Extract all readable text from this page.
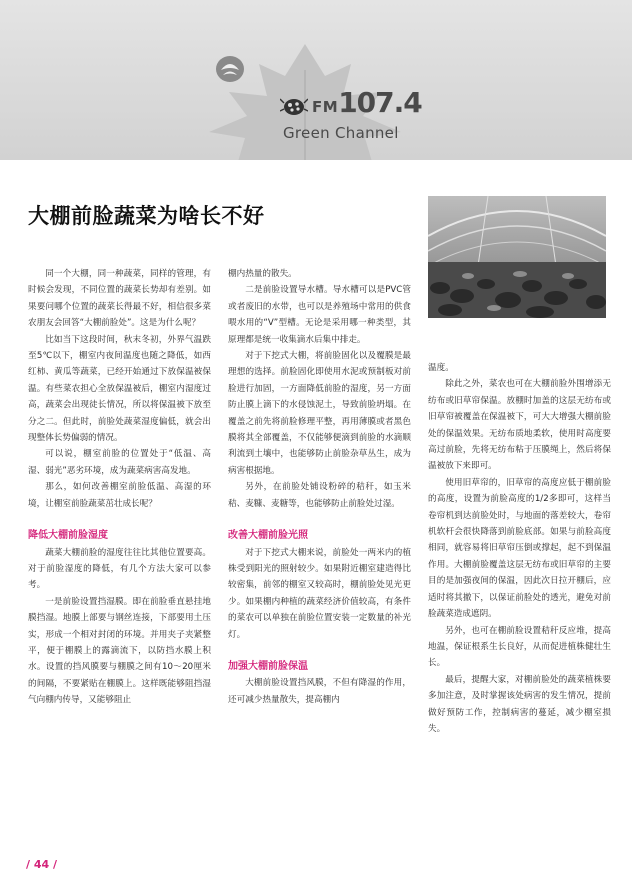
FM107.4
Green Channel
大棚前脸蔬菜为啥长不好

同一个大棚，同一种蔬菜，同样的管理，有时候会发现，不同位置的蔬菜长势却有差别。如果要问哪个位置的蔬菜长得最不好，相信很多菜农朋友会回答“大棚前脸处”。这是为什么呢？

比如当下这段时间，秋末冬初，外界气温跌至5℃以下，棚室内夜间温度也随之降低，如西红柿、黄瓜等蔬菜，已经开始通过下放保温被保温。有些菜农担心全放保温被后，棚室内湿度过高，蔬菜会出现徒长情况，所以将保温被下放至分之二。但此时，前脸处蔬菜湿度偏低，就会出现整体长势偏弱的情况。

可以说，棚室前脸的位置处于“低温、高湿、弱光”恶劣环境，成为蔬菜病害高发地。

那么，如何改善棚室前脸低温、高湿的环境，让棚室前脸蔬菜茁壮成长呢？

降低大棚前脸湿度

蔬菜大棚前脸的湿度往往比其他位置要高。对于前脸湿度的降低，有几个方法大家可以参考。

一是前脸设置挡湿膜。即在前脸垂直悬挂地膜挡湿。地膜上部要与钢丝连接，下部要用土压实，形成一个相对封闭的环境。并用夹子夹紧整平，便于棚膜上的露滴流下，以防挡水膜上积水。设置的挡风膜要与棚膜之间有10～20厘米的间隔，不要紧贴在棚膜上。这样既能够阻挡湿气向棚内传导，又能够阻止

棚内热量的散失。

二是前脸设置导水槽。导水槽可以是PVC管或者废旧的水带，也可以是养殖场中常用的供食喂水用的“V”型槽。无论是采用哪一种类型，其原理都是统一收集滴水后集中排走。

对于下挖式大棚，将前脸固化以及覆膜是最理想的选择。前脸固化即使用水泥或预制板对前脸进行加固，一方面降低前脸的湿度，另一方面防止膜上滴下的水侵蚀泥土，导致前脸坍塌。在覆盖之前先将前脸修理平整，再用薄膜或者黑色膜将其全部覆盖，不仅能够便滴到前脸的水滴顺利流到土壤中，也能够防止前脸杂草丛生，成为病害根据地。

另外，在前脸处铺设粉碎的秸秆，如玉米秸、麦糠、麦糖等，也能够防止前脸处过湿。

改善大棚前脸光照

对于下挖式大棚来说，前脸处一两米内的植株受到阳光的照射较少。如果附近棚室建造得比较密集，前邻的棚室又较高时，棚前脸处见光更少。如果棚内种植的蔬菜经济价值较高，有条件的菜农可以单独在前脸位置安装一定数量的补光灯。

加强大棚前脸保温

大棚前脸设置挡风膜，不但有降湿的作用，还可减少热量散失，提高棚内

温度。

除此之外，菜农也可在大棚前脸外围增添无纺布或旧草帘保温。放棚时加盖的这层无纺布或旧草帘被覆盖在保温被下，可大大增强大棚前脸处的保温效果。无纺布质地柔软，使用时高度要高过前脸，先将无纺布粘于压膜绳上，然后将保温被放下来即可。

使用旧草帘的，旧草帘的高度应低于棚前脸的高度，设置为前脸高度的1/2多即可，这样当卷帘机到达前脸处时，与地面的落差较大，卷帘机软杆会很快降落到前脸底部。如果与前脸高度相同，就容易将旧草帘压倒或撑起，起不到保温作用。大棚前脸覆盖这层无纺布或旧草帘的主要目的是加强夜间的保温，因此次日拉开棚后，应适时将其撤下，以保证前脸处的透光，避免对前脸蔬菜造成遮阴。

另外，也可在棚前脸设置秸秆反应堆，提高地温，保证根系生长良好，从而促进植株健壮生长。

最后，提醒大家，对棚前脸处的蔬菜植株要多加注意，及时掌握该处病害的发生情况，提前做好预防工作，控制病害的蔓延，减少棚室损失。

/ 44 /
